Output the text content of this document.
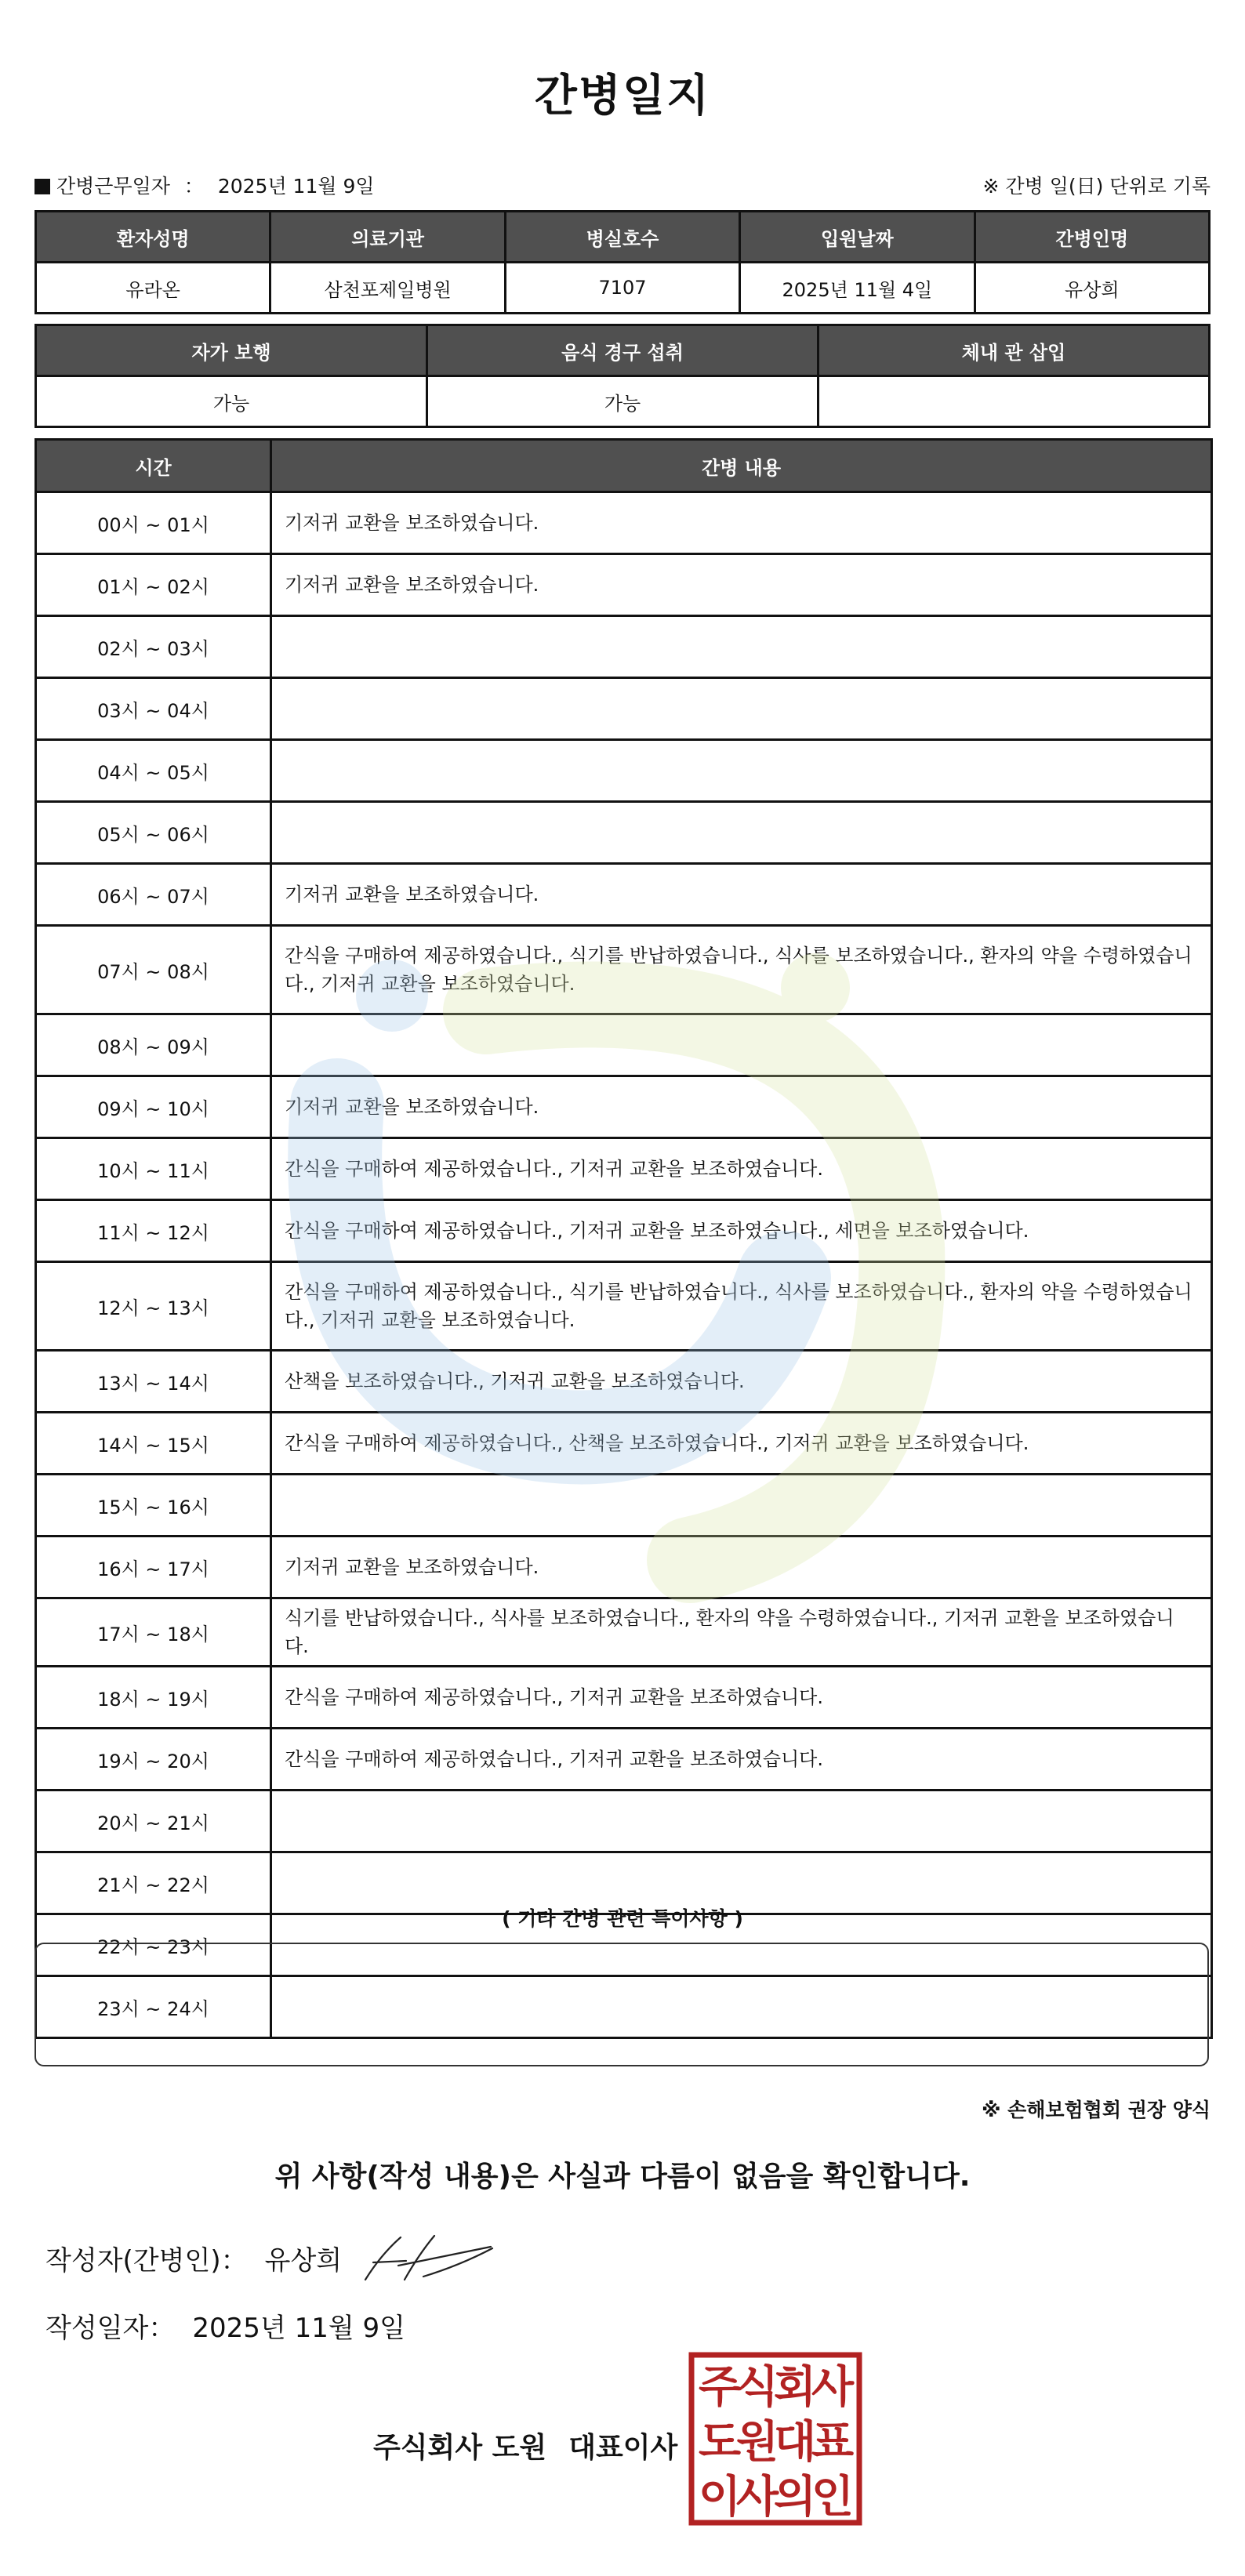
간병일지
간병근무일자 ： 2025년 11월 9일	※ 간병 일(日) 단위로 기록
환자성명	의료기관	병실호수	입원날짜	간병인명
유라온	삼천포제일병원	7107	2025년 11월 4일	유상희
자가 보행	음식 경구 섭취	체내 관 삽입
가능	가능	
시간	간병 내용
00시 ~ 01시	기저귀 교환을 보조하였습니다.
01시 ~ 02시	기저귀 교환을 보조하였습니다.
02시 ~ 03시	
03시 ~ 04시	
04시 ~ 05시	
05시 ~ 06시	
06시 ~ 07시	기저귀 교환을 보조하였습니다.
07시 ~ 08시	간식을 구매하여 제공하였습니다., 식기를 반납하였습니다., 식사를 보조하였습니다., 환자의 약을 수령하였습니다., 기저귀 교환을 보조하였습니다.
08시 ~ 09시	
09시 ~ 10시	기저귀 교환을 보조하였습니다.
10시 ~ 11시	간식을 구매하여 제공하였습니다., 기저귀 교환을 보조하였습니다.
11시 ~ 12시	간식을 구매하여 제공하였습니다., 기저귀 교환을 보조하였습니다., 세면을 보조하였습니다.
12시 ~ 13시	간식을 구매하여 제공하였습니다., 식기를 반납하였습니다., 식사를 보조하였습니다., 환자의 약을 수령하였습니다., 기저귀 교환을 보조하였습니다.
13시 ~ 14시	산책을 보조하였습니다., 기저귀 교환을 보조하였습니다.
14시 ~ 15시	간식을 구매하여 제공하였습니다., 산책을 보조하였습니다., 기저귀 교환을 보조하였습니다.
15시 ~ 16시	
16시 ~ 17시	기저귀 교환을 보조하였습니다.
17시 ~ 18시	식기를 반납하였습니다., 식사를 보조하였습니다., 환자의 약을 수령하였습니다., 기저귀 교환을 보조하였습니다.
18시 ~ 19시	간식을 구매하여 제공하였습니다., 기저귀 교환을 보조하였습니다.
19시 ~ 20시	간식을 구매하여 제공하였습니다., 기저귀 교환을 보조하였습니다.
20시 ~ 21시	
21시 ~ 22시	
22시 ~ 23시	
23시 ~ 24시	
( 기타 간병 관련 특이사항 )
※ 손해보험협회 권장 양식
위 사항(작성 내용)은 사실과 다름이 없음을 확인합니다.
작성자(간병인)： 유상희
작성일자： 2025년 11월 9일
주식회사 도원 대표이사
주
식
회
사
도
원
대
표
이
사
의
인
